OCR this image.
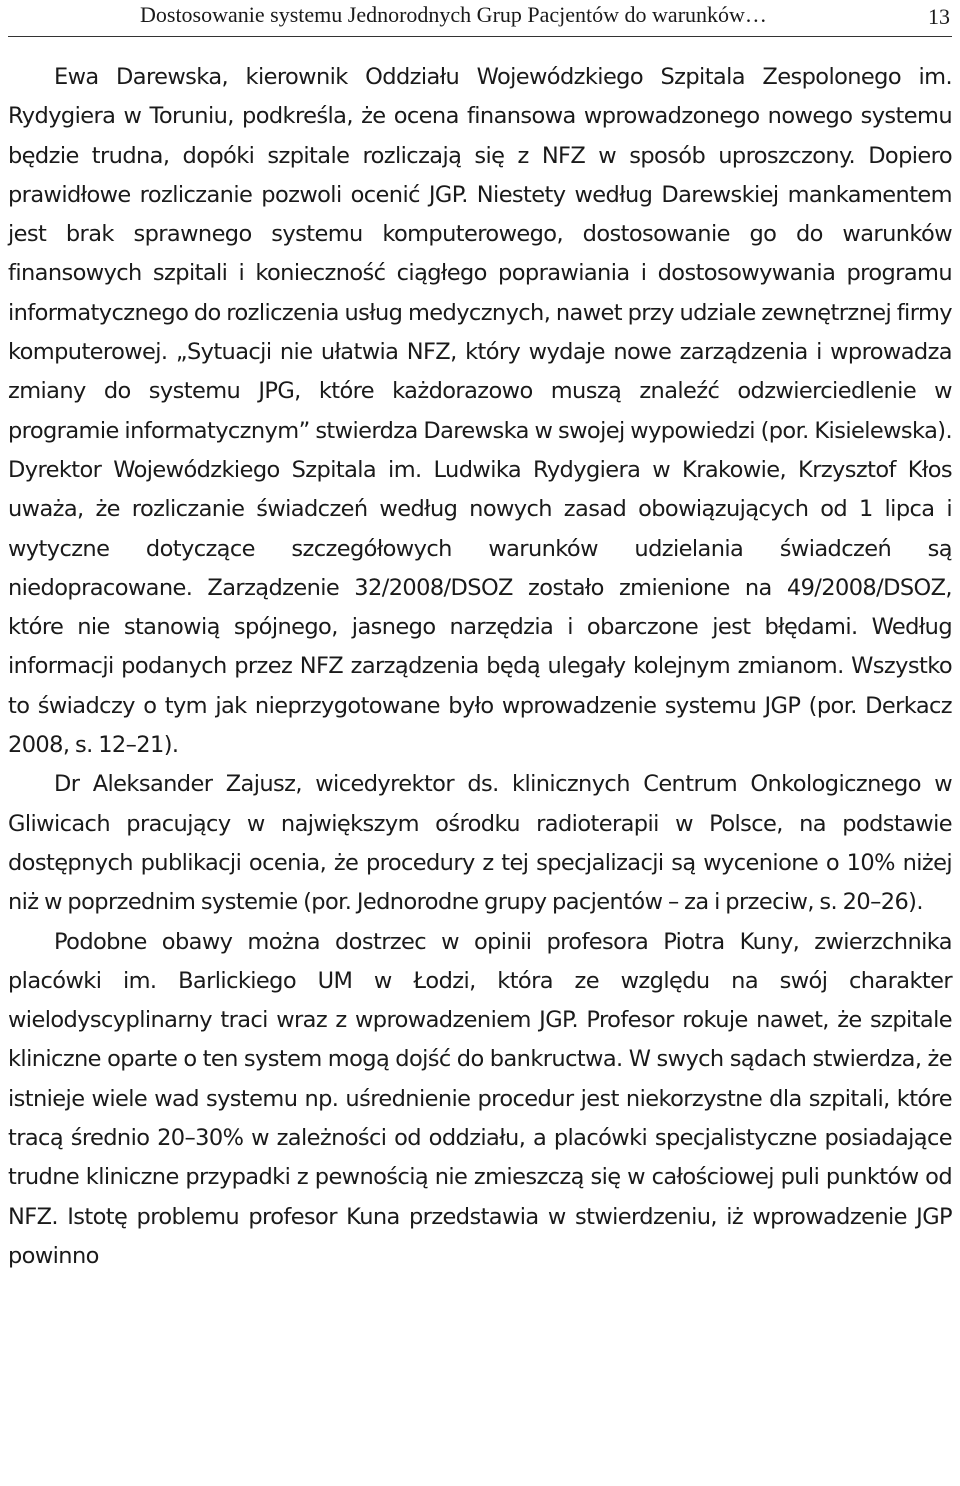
Dostosowanie systemu Jednorodnych Grup Pacjentów do warunków…	13

Ewa Darewska, kierownik Oddziału Wojewódzkiego Szpitala Zespolonego im. Rydygiera w Toruniu, podkreśla, że ocena finansowa wprowadzonego nowego systemu będzie trudna, dopóki szpitale rozliczają się z NFZ w sposób uproszczony. Dopiero prawidłowe rozliczanie pozwoli ocenić JGP. Niestety według Darewskiej mankamentem jest brak sprawnego systemu komputerowego, dostosowanie go do warunków finansowych szpitali i konieczność ciągłego poprawiania i dostosowywania programu informatycznego do rozliczenia usług medycznych, nawet przy udziale zewnętrznej firmy komputerowej. „Sytuacji nie ułatwia NFZ, który wydaje nowe zarządzenia i wprowadza zmiany do systemu JPG, które każdorazowo muszą znaleźć odzwierciedlenie w programie informatycznym” stwierdza Darewska w swojej wypowiedzi (por. Kisielewska). Dyrektor Wojewódzkiego Szpitala im. Ludwika Rydygiera w Krakowie, Krzysztof Kłos uważa, że rozliczanie świadczeń według nowych zasad obowiązujących od 1 lipca i wytyczne dotyczące szczegółowych warunków udzielania świadczeń są niedopracowane. Zarządzenie 32/2008/DSOZ zostało zmienione na 49/2008/DSOZ, które nie stanowią spójnego, jasnego narzędzia i obarczone jest błędami. Według informacji podanych przez NFZ zarządzenia będą ulegały kolejnym zmianom. Wszystko to świadczy o tym jak nieprzygotowane było wprowadzenie systemu JGP (por. Derkacz 2008, s. 12–21).

Dr Aleksander Zajusz, wicedyrektor ds. klinicznych Centrum Onkologicznego w Gliwicach pracujący w największym ośrodku radioterapii w Polsce, na podstawie dostępnych publikacji ocenia, że procedury z tej specjalizacji są wycenione o 10% niżej niż w poprzednim systemie (por. Jednorodne grupy pacjentów – za i przeciw, s. 20–26).

Podobne obawy można dostrzec w opinii profesora Piotra Kuny, zwierzchnika placówki im. Barlickiego UM w Łodzi, która ze względu na swój charakter wielodyscyplinarny traci wraz z wprowadzeniem JGP. Profesor rokuje nawet, że szpitale kliniczne oparte o ten system mogą dojść do bankructwa. W swych sądach stwierdza, że istnieje wiele wad systemu np. uśrednienie procedur jest niekorzystne dla szpitali, które tracą średnio 20–30% w zależności od oddziału, a placówki specjalistyczne posiadające trudne kliniczne przypadki z pewnością nie zmieszczą się w całościowej puli punktów od NFZ. Istotę problemu profesor Kuna przedstawia w stwierdzeniu, iż wprowadzenie JGP powinno
